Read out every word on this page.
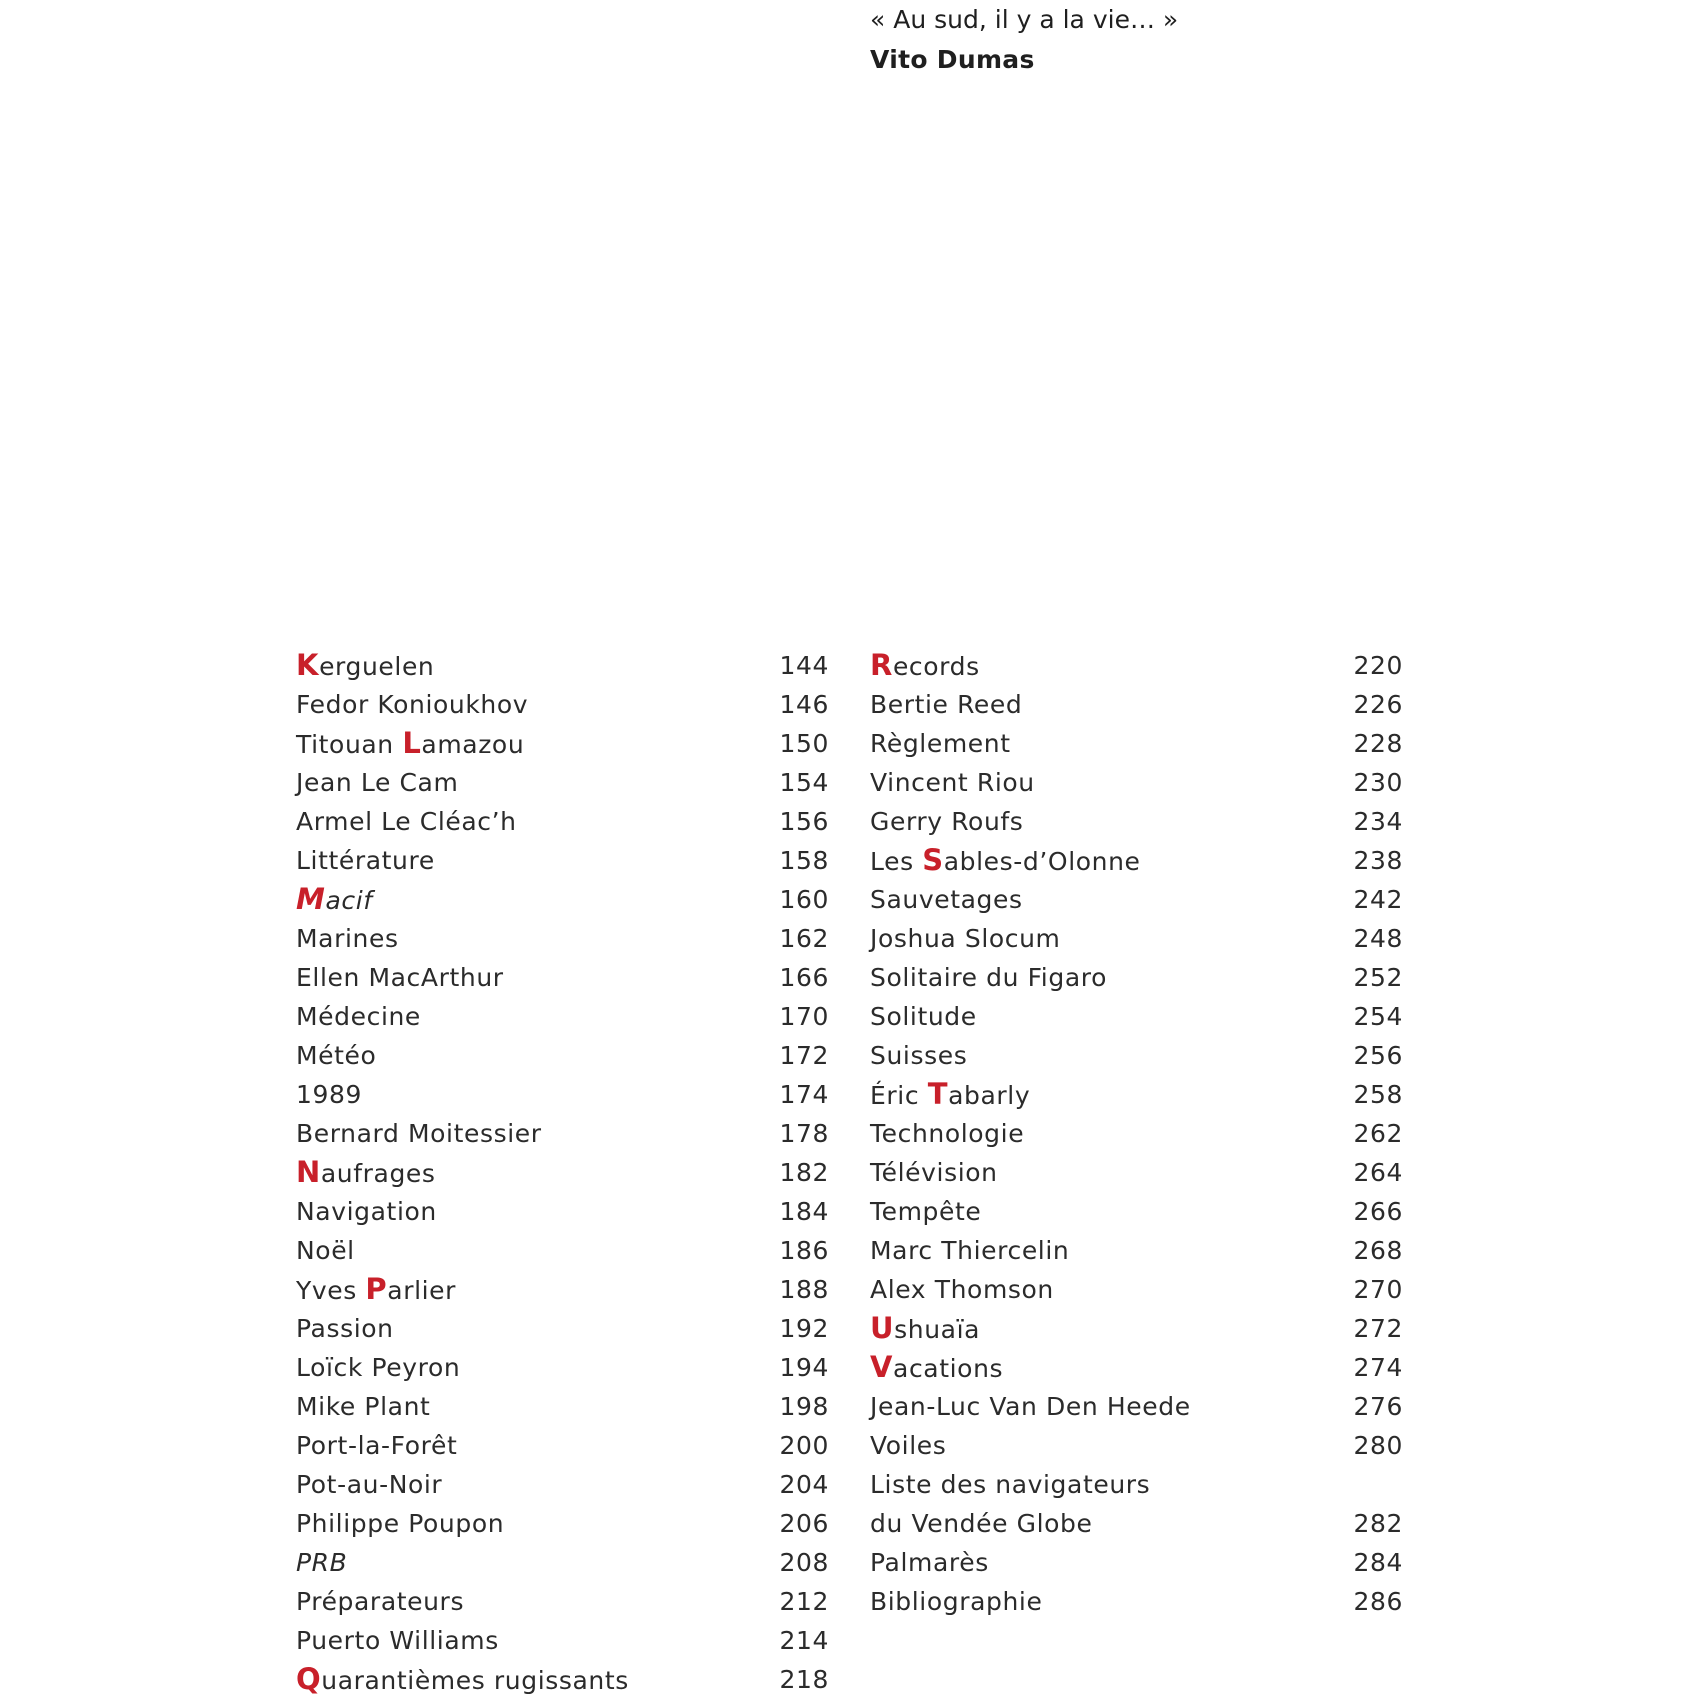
« Au sud, il y a la vie… »
Vito Dumas
Kerguelen	144
Fedor Konioukhov	146
Titouan Lamazou	150
Jean Le Cam	154
Armel Le Cléac’h	156
Littérature	158
Macif	160
Marines	162
Ellen MacArthur	166
Médecine	170
Météo	172
1989	174
Bernard Moitessier	178
Naufrages	182
Navigation	184
Noël	186
Yves Parlier	188
Passion	192
Loïck Peyron	194
Mike Plant	198
Port-la-Forêt	200
Pot-au-Noir	204
Philippe Poupon	206
PRB	208
Préparateurs	212
Puerto Williams	214
Quarantièmes rugissants	218
Records	220
Bertie Reed	226
Règlement	228
Vincent Riou	230
Gerry Roufs	234
Les Sables-d’Olonne	238
Sauvetages	242
Joshua Slocum	248
Solitaire du Figaro	252
Solitude	254
Suisses	256
Éric Tabarly	258
Technologie	262
Télévision	264
Tempête	266
Marc Thiercelin	268
Alex Thomson	270
Ushuaïa	272
Vacations	274
Jean-Luc Van Den Heede	276
Voiles	280
Liste des navigateurs
du Vendée Globe	282
Palmarès	284
Bibliographie	286
